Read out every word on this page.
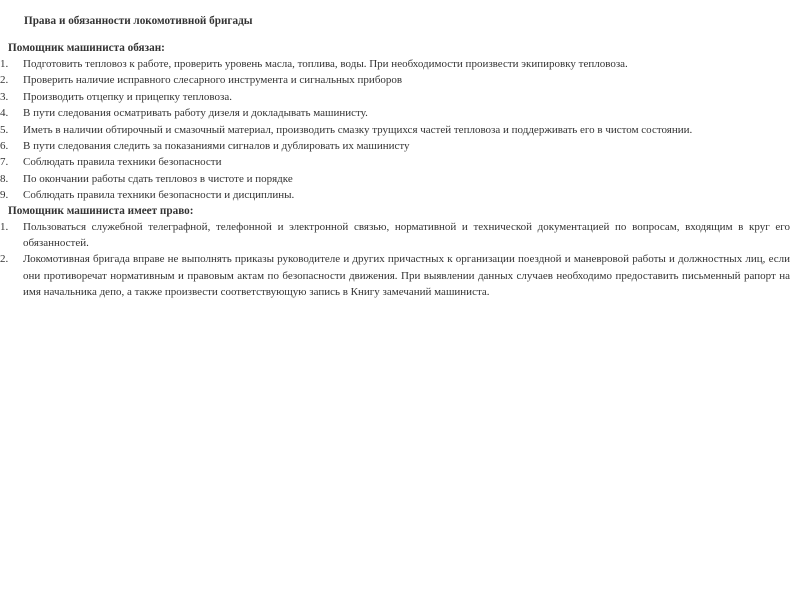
Права и обязанности локомотивной бригады
Помощник машиниста обязан:
1.	Подготовить тепловоз к работе, проверить уровень масла, топлива, воды. При необходимости произвести экипировку тепловоза.
2.	Проверить наличие исправного слесарного инструмента и сигнальных приборов
3.	Производить отцепку и прицепку тепловоза.
4.	В пути следования осматривать работу дизеля и докладывать машинисту.
5.	Иметь в наличии обтирочный и смазочный материал, производить смазку трущихся частей тепловоза и поддерживать его в чистом состоянии.
6.	В пути следования следить за показаниями сигналов и дублировать их машинисту
7.	Соблюдать правила техники безопасности
8.	По окончании работы сдать тепловоз в чистоте и порядке
9.	Соблюдать правила техники безопасности и дисциплины.
Помощник машиниста имеет право:
1.	Пользоваться служебной телеграфной, телефонной и электронной связью, нормативной и технической документацией по вопросам, входящим в круг его обязанностей.
2.	Локомотивная бригада вправе не выполнять приказы руководителе и других причастных к организации поездной и маневровой работы и должностных лиц, если они противоречат нормативным и правовым актам по безопасности движения. При выявлении данных случаев необходимо предоставить письменный рапорт на имя начальника депо, а также произвести соответствующую запись в Книгу замечаний машиниста.
